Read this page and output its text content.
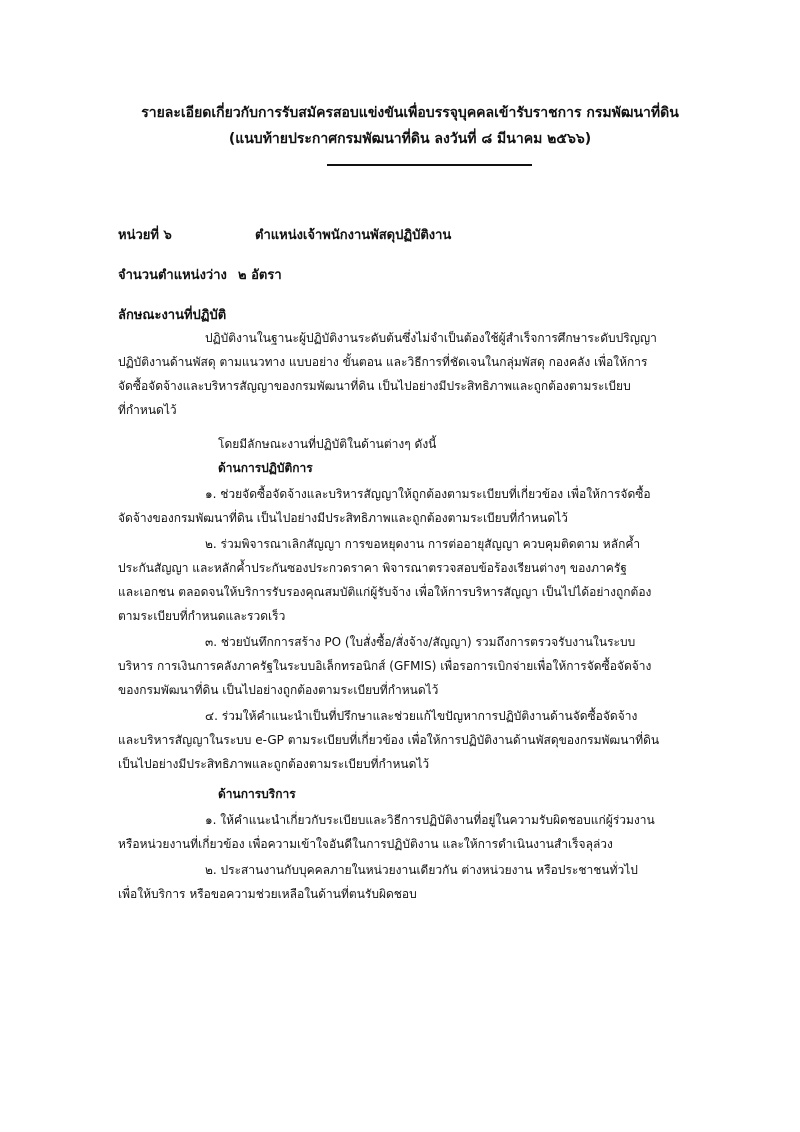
รายละเอียดเกี่ยวกับการรับสมัครสอบแข่งขันเพื่อบรรจุบุคคลเข้ารับราชการ กรมพัฒนาที่ดิน
(แนบท้ายประกาศกรมพัฒนาที่ดิน ลงวันที่ ๘ มีนาคม ๒๕๖๖)
หน่วยที่ ๖	ตำแหน่งเจ้าพนักงานพัสดุปฏิบัติงาน
จำนวนตำแหน่งว่าง ๒ อัตรา
ลักษณะงานที่ปฏิบัติ
ปฏิบัติงานในฐานะผู้ปฏิบัติงานระดับต้นซึ่งไม่จำเป็นต้องใช้ผู้สำเร็จการศึกษาระดับปริญญา
ปฏิบัติงานด้านพัสดุ ตามแนวทาง แบบอย่าง ขั้นตอน และวิธีการที่ชัดเจนในกลุ่มพัสดุ กองคลัง เพื่อให้การ
จัดซื้อจัดจ้างและบริหารสัญญาของกรมพัฒนาที่ดิน เป็นไปอย่างมีประสิทธิภาพและถูกต้องตามระเบียบ
ที่กำหนดไว้
โดยมีลักษณะงานที่ปฏิบัติในด้านต่างๆ ดังนี้
ด้านการปฏิบัติการ
๑. ช่วยจัดซื้อจัดจ้างและบริหารสัญญาให้ถูกต้องตามระเบียบที่เกี่ยวข้อง เพื่อให้การจัดซื้อ
จัดจ้างของกรมพัฒนาที่ดิน เป็นไปอย่างมีประสิทธิภาพและถูกต้องตามระเบียบที่กำหนดไว้
๒. ร่วมพิจารณาเลิกสัญญา การขอหยุดงาน การต่ออายุสัญญา ควบคุมติดตาม หลักค้ำ
ประกันสัญญา และหลักค้ำประกันซองประกวดราคา พิจารณาตรวจสอบข้อร้องเรียนต่างๆ ของภาครัฐ
และเอกชน ตลอดจนให้บริการรับรองคุณสมบัติแก่ผู้รับจ้าง เพื่อให้การบริหารสัญญา เป็นไปได้อย่างถูกต้อง
ตามระเบียบที่กำหนดและรวดเร็ว
๓. ช่วยบันทึกการสร้าง PO (ใบสั่งซื้อ/สั่งจ้าง/สัญญา) รวมถึงการตรวจรับงานในระบบ
บริหาร การเงินการคลังภาครัฐในระบบอิเล็กทรอนิกส์ (GFMIS) เพื่อรอการเบิกจ่ายเพื่อให้การจัดซื้อจัดจ้าง
ของกรมพัฒนาที่ดิน เป็นไปอย่างถูกต้องตามระเบียบที่กำหนดไว้
๔. ร่วมให้คำแนะนำเป็นที่ปรึกษาและช่วยแก้ไขปัญหาการปฏิบัติงานด้านจัดซื้อจัดจ้าง
และบริหารสัญญาในระบบ e-GP ตามระเบียบที่เกี่ยวข้อง เพื่อให้การปฏิบัติงานด้านพัสดุของกรมพัฒนาที่ดิน
เป็นไปอย่างมีประสิทธิภาพและถูกต้องตามระเบียบที่กำหนดไว้
ด้านการบริการ
๑. ให้คำแนะนำเกี่ยวกับระเบียบและวิธีการปฏิบัติงานที่อยู่ในความรับผิดชอบแก่ผู้ร่วมงาน
หรือหน่วยงานที่เกี่ยวข้อง เพื่อความเข้าใจอันดีในการปฏิบัติงาน และให้การดำเนินงานสำเร็จลุล่วง
๒. ประสานงานกับบุคคลภายในหน่วยงานเดียวกัน ต่างหน่วยงาน หรือประชาชนทั่วไป
เพื่อให้บริการ หรือขอความช่วยเหลือในด้านที่ตนรับผิดชอบ
